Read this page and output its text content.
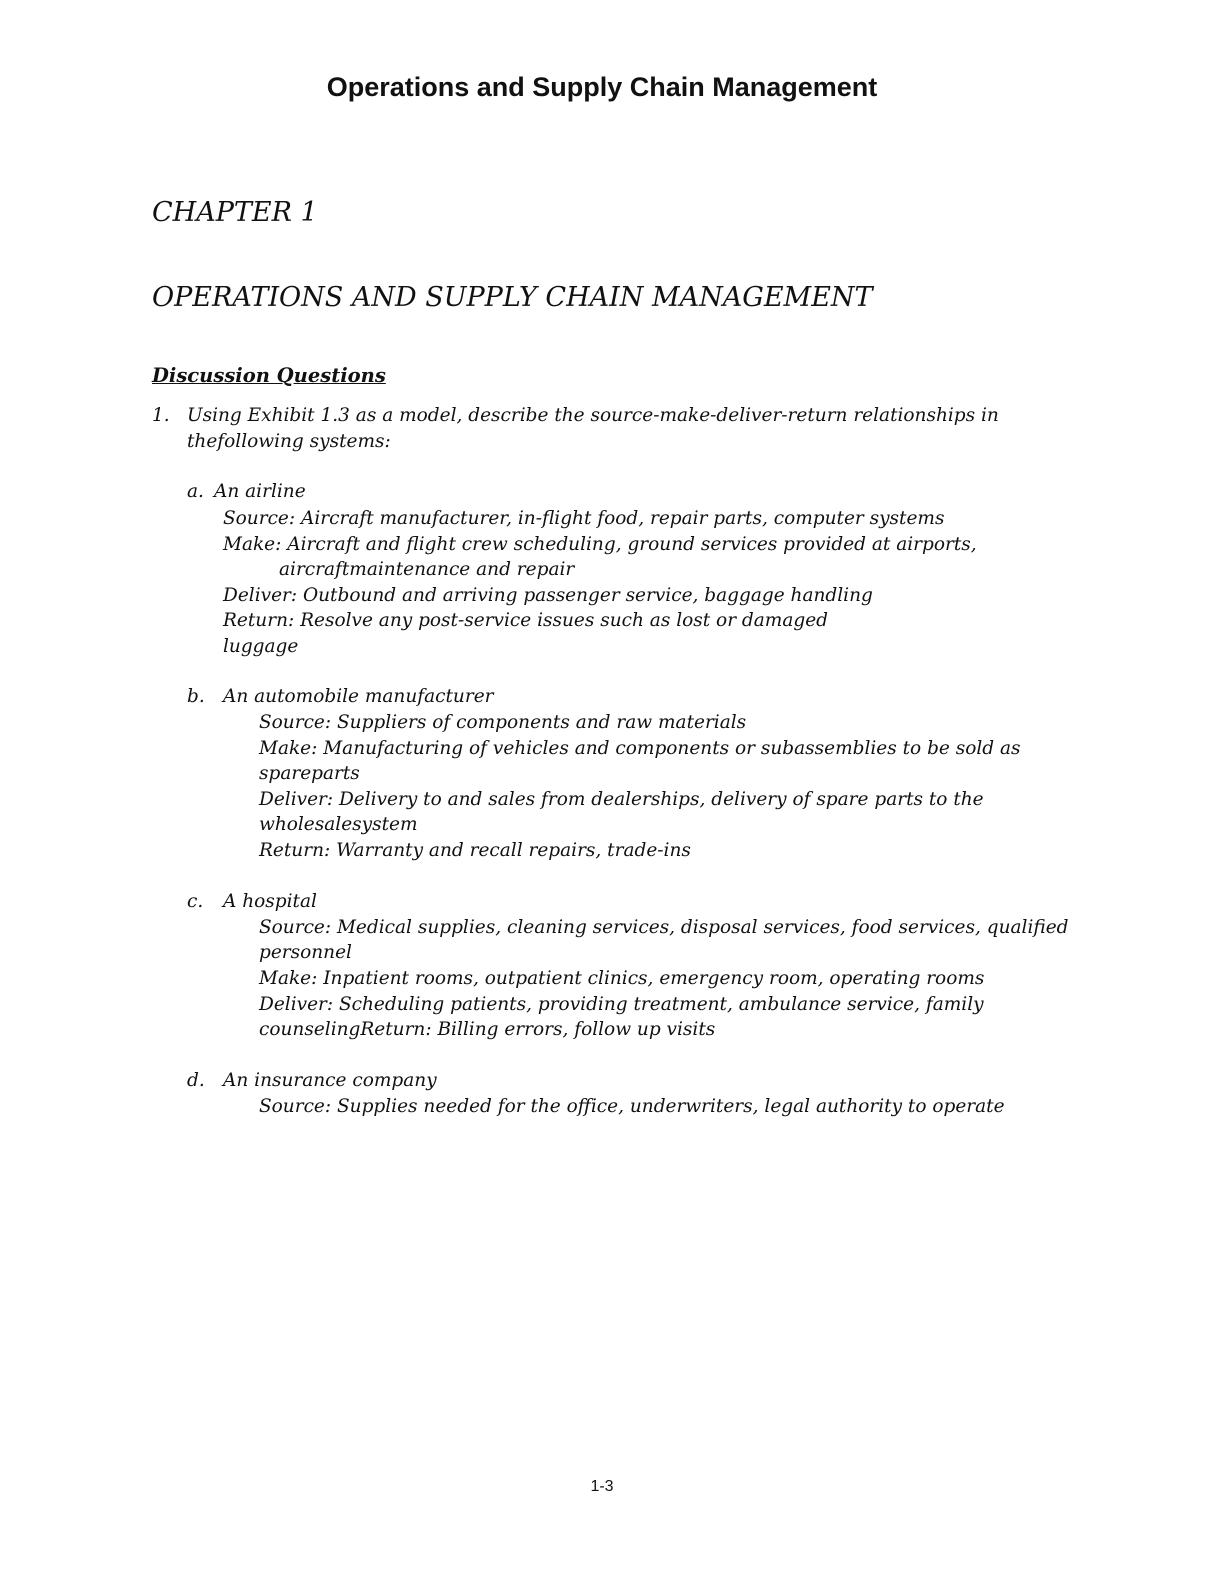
Operations and Supply Chain Management
CHAPTER 1
OPERATIONS AND SUPPLY CHAIN MANAGEMENT
Discussion Questions
1. Using Exhibit 1.3 as a model, describe the source-make-deliver-return relationships in
thefollowing systems:
a. An airline
Source: Aircraft manufacturer, in-flight food, repair parts, computer systems
Make: Aircraft and flight crew scheduling, ground services provided at airports,
aircraftmaintenance and repair
Deliver: Outbound and arriving passenger service, baggage handling
Return: Resolve any post-service issues such as lost or damaged
luggage
b. An automobile manufacturer
Source: Suppliers of components and raw materials
Make: Manufacturing of vehicles and components or subassemblies to be sold as
spareparts
Deliver: Delivery to and sales from dealerships, delivery of spare parts to the
wholesalesystem
Return: Warranty and recall repairs, trade-ins
c. A hospital
Source: Medical supplies, cleaning services, disposal services, food services, qualified
personnel
Make: Inpatient rooms, outpatient clinics, emergency room, operating rooms
Deliver: Scheduling patients, providing treatment, ambulance service, family
counselingReturn: Billing errors, follow up visits
d. An insurance company
Source: Supplies needed for the office, underwriters, legal authority to operate
1-3
